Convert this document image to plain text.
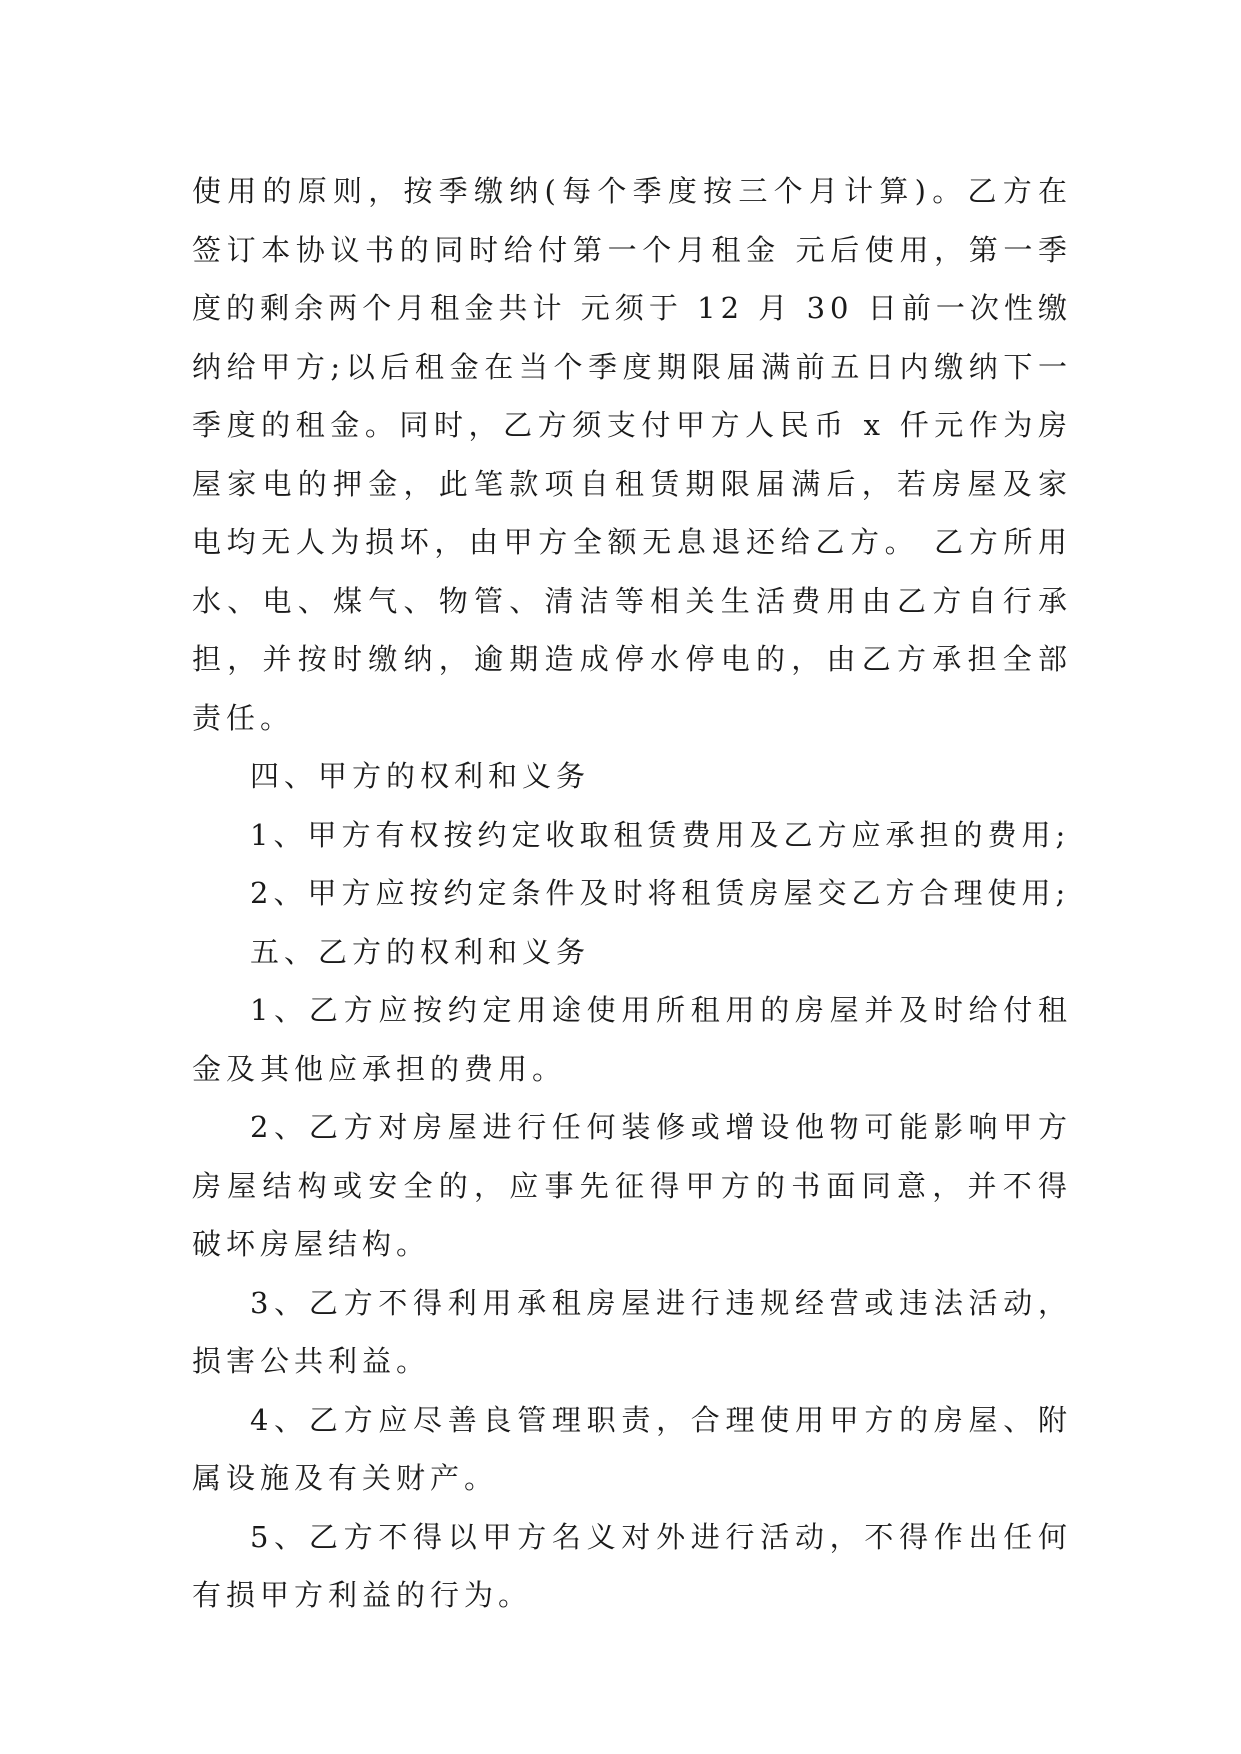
使用的原则，按季缴纳(每个季度按三个月计算)。乙方在签订本协议书的同时给付第一个月租金 元后使用，第一季度的剩余两个月租金共计 元须于 12 月 30 日前一次性缴纳给甲方;以后租金在当个季度期限届满前五日内缴纳下一季度的租金。同时，乙方须支付甲方人民币 x 仟元作为房屋家电的押金，此笔款项自租赁期限届满后，若房屋及家电均无人为损坏，由甲方全额无息退还给乙方。 乙方所用水、电、煤气、物管、清洁等相关生活费用由乙方自行承担，并按时缴纳，逾期造成停水停电的，由乙方承担全部责任。

四、甲方的权利和义务

1、甲方有权按约定收取租赁费用及乙方应承担的费用;

2、甲方应按约定条件及时将租赁房屋交乙方合理使用;

五、乙方的权利和义务

1、乙方应按约定用途使用所租用的房屋并及时给付租金及其他应承担的费用。

2、乙方对房屋进行任何装修或增设他物可能影响甲方房屋结构或安全的，应事先征得甲方的书面同意，并不得破坏房屋结构。

3、乙方不得利用承租房屋进行违规经营或违法活动，损害公共利益。

4、乙方应尽善良管理职责，合理使用甲方的房屋、附属设施及有关财产。

5、乙方不得以甲方名义对外进行活动，不得作出任何有损甲方利益的行为。
